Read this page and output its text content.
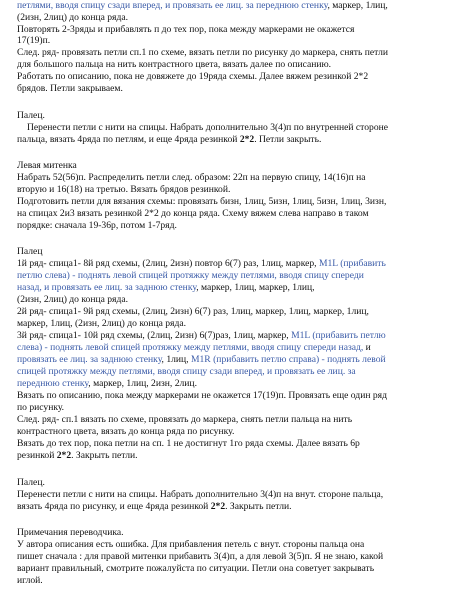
петлями, вводя спицу сзади вперед, и провязать ее лиц. за переднюю стенку, маркер, 1лиц,
(2изн, 2лиц) до конца ряда.
Повторять 2-3ряды и прибавлять п до тех пор, пока между маркерами не окажется
17(19)п.
След. ряд- провязать петли сп.1 по схеме, вязать петли по рисунку до маркера, снять петли
для большого пальца на нить контрастного цвета, вязать далее по описанию.
Работать по описанию, пока не довяжете до 19ряда схемы. Далее вяжем резинкой 2*2
брядов. Петли закрываем.
Палец.
Перенести петли с нити на спицы. Набрать дополнительно 3(4)п по внутренней стороне
пальца, вязать 4ряда по петлям, и еще 4ряда резинкой 2*2. Петли закрыть.
Левая митенка
Набрать 52(56)п. Распределить петли след. образом: 22п на первую спицу, 14(16)п на
вторую и 16(18) на третью. Вязать брядов резинкой.
Подготовить петли для вязания схемы: провязать бизн, 1лиц, 5изн, 1лиц, 5изн, 1лиц, 3изн,
на спицах 2и3 вязать резинкой 2*2 до конца ряда. Схему вяжем слева направо в таком
порядке: сначала 19-36р, потом 1-7ряд.
Палец
1й ряд- спица1- 8й ряд схемы, (2лиц, 2изн) повтор 6(7) раз, 1лиц, маркер, M1L (прибавить
петлю слева) - поднять левой спицей протяжку между петлями, вводя спицу спереди
назад, и провязать ее лиц. за заднюю стенку, маркер, 1лиц, маркер, 1лиц,
(2изн, 2лиц) до конца ряда.
2й ряд- спица1- 9й ряд схемы, (2лиц, 2изн) 6(7) раз, 1лиц, маркер, 1лиц, маркер, 1лиц,
маркер, 1лиц, (2изн, 2лиц) до конца ряда.
3й ряд- спица1- 10й ряд схемы, (2лиц, 2изн) 6(7)раз, 1лиц, маркер, M1L (прибавить петлю
слева) - поднять левой спицей протяжку между петлями, вводя спицу спереди назад, и
провязать ее лиц. за заднюю стенку, 1лиц, M1R (прибавить петлю справа) - поднять левой
спицей протяжку между петлями, вводя спицу сзади вперед, и провязать ее лиц. за
переднюю стенку, маркер, 1лиц, 2изн, 2лиц.
Вязать по описанию, пока между маркерами не окажется 17(19)п. Провязать еще один ряд
по рисунку.
След. ряд- сп.1 вязать по схеме, провязать до маркера, снять петли пальца на нить
контрастного цвета, вязать до конца ряда по рисунку.
Вязать до тех пор, пока петли на сп. 1 не достигнут 1го ряда схемы. Далее вязать 6р
резинкой 2*2. Закрыть петли.
Палец.
Перенести петли с нити на спицы. Набрать дополнительно 3(4)п на внут. стороне пальца,
вязать 4ряда по рисунку, и еще 4ряда резинкой 2*2. Закрыть петли.
Примечания переводчика.
У автора описания есть ошибка. Для прибавления петель с внут. стороны пальца она
пишет сначала : для правой митенки прибавить 3(4)п, а для левой 3(5)п. Я не знаю, какой
вариант правильный, смотрите пожалуйста по ситуации. Петли она советует закрывать
иглой.
